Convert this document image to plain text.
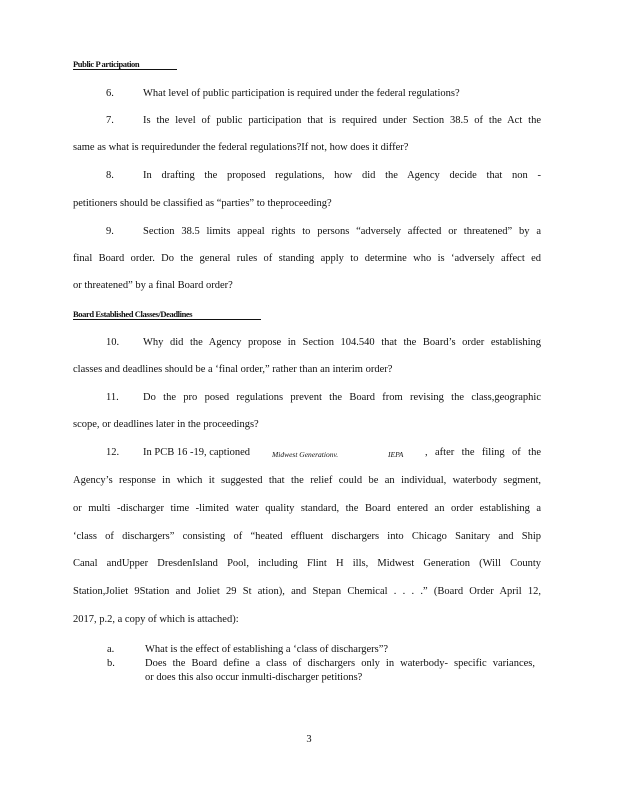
Public P articipation
6.	What level of public participation is required under the federal regulations?
7.	Is the level of public participation that is required under Section 38.5 of the Act the
same as what is requiredunder the federal regulations?If not, how does it differ?
8.	In drafting the proposed regulations, how did the Agency decide that non -
petitioners should be classified as “parties” to theproceeding?
9.	Section 38.5 limits appeal rights to persons “adversely affected or threatened” by a
final Board order. Do the general rules of standing apply to determine who is ‘adversely affect ed
or threatened” by a final Board order?
Board Established Classes/Deadlines
10. Why did the Agency propose in Section 104.540 that the Board’s order establishing
classes and deadlines should be a ‘final order,” rather than an interim order?
11. Do the pro posed regulations prevent the Board from revising the class,geographic
scope, or deadlines later in the proceedings?
12. In PCB 16 -19, captioned	Midwest Generationv.	IEPA , after the filing of the
Agency’s response in which it suggested that the relief could be an individual, waterbody segment,
or multi -discharger time -limited water quality standard, the Board entered an order establishing a
‘class of dischargers” consisting of “heated effluent dischargers into Chicago Sanitary and Ship
Canal andUpper DresdenIsland Pool, including Flint H ills, Midwest Generation (Will County
Station,Joliet 9Station and Joliet 29 St ation), and Stepan Chemical . . . .” (Board Order April 12,
2017, p.2, a copy of which is attached):
a.	What is the effect of establishing a ‘class of dischargers”?
b.	Does the Board define a class of dischargers only in waterbody- specific variances,
or does this also occur inmulti-discharger petitions?
3
